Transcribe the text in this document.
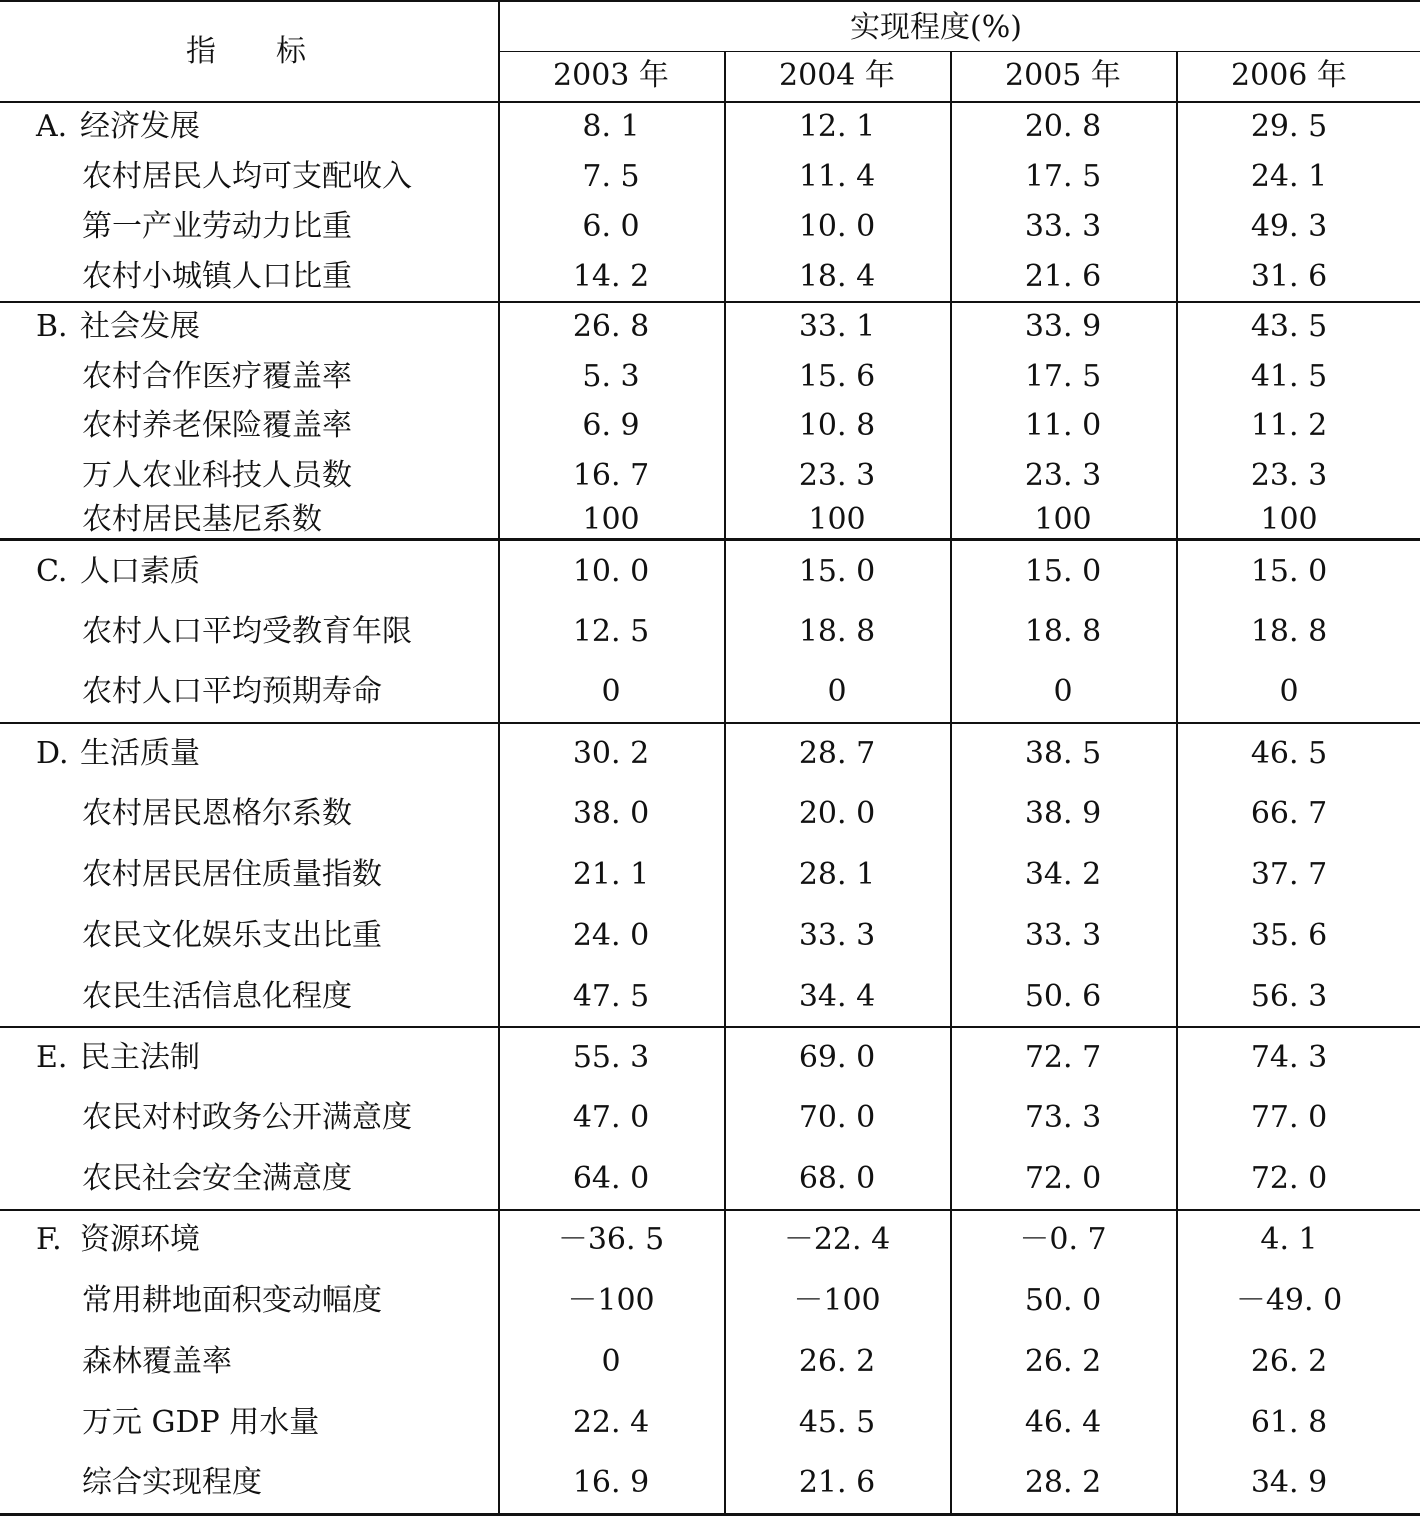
指　　标
实现程度(%)
2003 年	2004 年	2005 年	2006 年
A. 经济发展	8. 1	12. 1	20. 8	29. 5
农村居民人均可支配收入	7. 5	11. 4	17. 5	24. 1
第一产业劳动力比重	6. 0	10. 0	33. 3	49. 3
农村小城镇人口比重	14. 2	18. 4	21. 6	31. 6
B. 社会发展	26. 8	33. 1	33. 9	43. 5
农村合作医疗覆盖率	5. 3	15. 6	17. 5	41. 5
农村养老保险覆盖率	6. 9	10. 8	11. 0	11. 2
万人农业科技人员数	16. 7	23. 3	23. 3	23. 3
农村居民基尼系数	100	100	100	100
C. 人口素质	10. 0	15. 0	15. 0	15. 0
农村人口平均受教育年限	12. 5	18. 8	18. 8	18. 8
农村人口平均预期寿命	0	0	0	0
D. 生活质量	30. 2	28. 7	38. 5	46. 5
农村居民恩格尔系数	38. 0	20. 0	38. 9	66. 7
农村居民居住质量指数	21. 1	28. 1	34. 2	37. 7
农民文化娱乐支出比重	24. 0	33. 3	33. 3	35. 6
农民生活信息化程度	47. 5	34. 4	50. 6	56. 3
E. 民主法制	55. 3	69. 0	72. 7	74. 3
农民对村政务公开满意度	47. 0	70. 0	73. 3	77. 0
农民社会安全满意度	64. 0	68. 0	72. 0	72. 0
F. 资源环境	－36. 5	－22. 4	－0. 7	4. 1
常用耕地面积变动幅度	－100	－100	50. 0	－49. 0
森林覆盖率	0	26. 2	26. 2	26. 2
万元 GDP 用水量	22. 4	45. 5	46. 4	61. 8
综合实现程度	16. 9	21. 6	28. 2	34. 9
